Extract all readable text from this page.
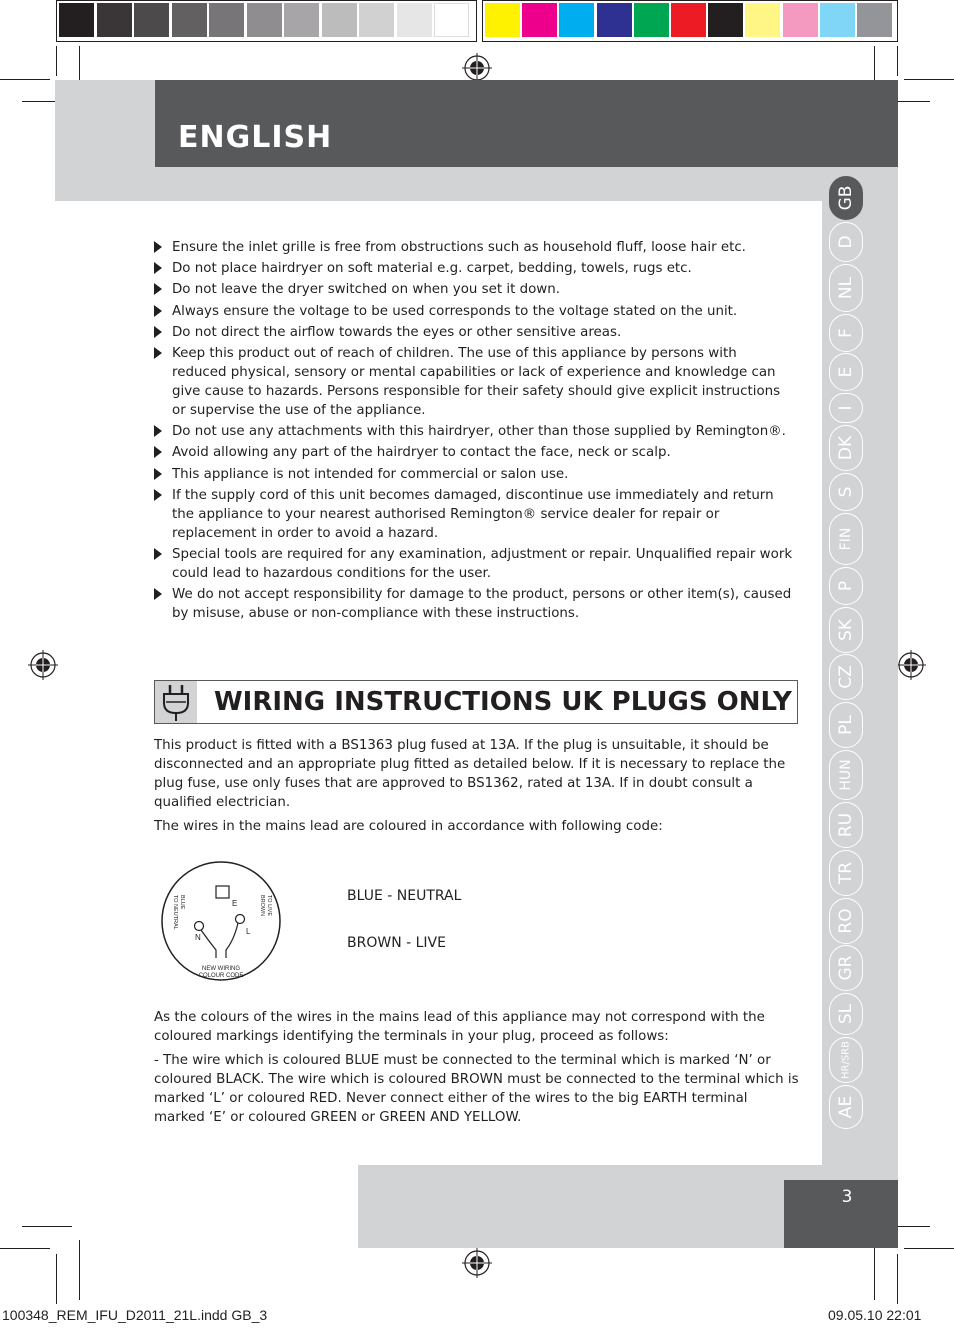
ENGLISH
GB
D
NL
F
E
I
DK
S
FIN
P
SK
CZ
PL
HUN
RU
TR
RO
GR
SL
HR/SRB
AE
Ensure the inlet grille is free from obstructions such as household fluff, loose hair etc.
Do not place hairdryer on soft material e.g. carpet, bedding, towels, rugs etc.
Do not leave the dryer switched on when you set it down.
Always ensure the voltage to be used corresponds to the voltage stated on the unit.
Do not direct the airflow towards the eyes or other sensitive areas.
Keep this product out of reach of children. The use of this appliance by persons with reduced physical, sensory or mental capabilities or lack of experience and knowledge can give cause to hazards. Persons responsible for their safety should give explicit instructions or supervise the use of the appliance.
Do not use any attachments with this hairdryer, other than those supplied by Remington®.
Avoid allowing any part of the hairdryer to contact the face, neck or scalp.
This appliance is not intended for commercial or salon use.
If the supply cord of this unit becomes damaged, discontinue use immediately and return the appliance to your nearest authorised Remington® service dealer for repair or replacement in order to avoid a hazard.
Special tools are required for any examination, adjustment or repair. Unqualified repair work could lead to hazardous conditions for the user.
We do not accept responsibility for damage to the product, persons or other item(s), caused by misuse, abuse or non-compliance with these instructions.
WIRING INSTRUCTIONS UK PLUGS ONLY
This product is fitted with a BS1363 plug fused at 13A. If the plug is unsuitable, it should be disconnected and an appropriate plug fitted as detailed below. If it is necessary to replace the plug fuse, use only fuses that are approved to BS1362, rated at 13A. If in doubt consult a qualified electrician.
The wires in the mains lead are coloured in accordance with following code:
E
N
L
BLUE
TO NEUTRAL	BROWN TO LIVE
NEW WIRING
COLOUR CODE
BLUE - NEUTRAL
BROWN - LIVE
As the colours of the wires in the mains lead of this appliance may not correspond with the coloured markings identifying the terminals in your plug, proceed as follows:
- The wire which is coloured BLUE must be connected to the terminal which is marked ‘N’ or coloured BLACK. The wire which is coloured BROWN must be connected to the terminal which is marked ‘L’ or coloured RED. Never connect either of the wires to the big EARTH terminal marked ‘E’ or coloured GREEN or GREEN AND YELLOW.
3
100348_REM_IFU_D2011_21L.indd GB_3	09.05.10 22:01
